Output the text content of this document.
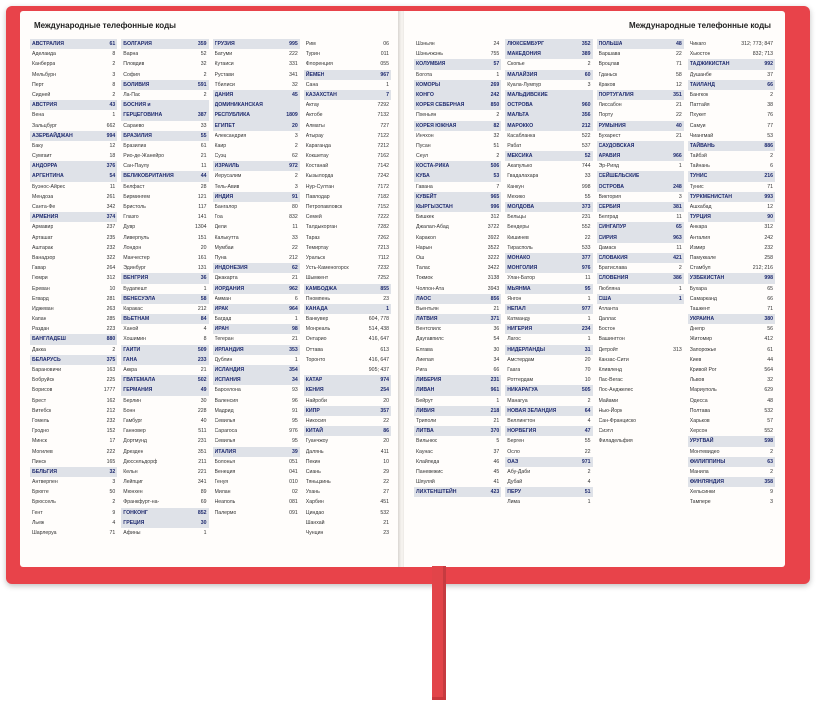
Международные телефонные коды
АВСТРАЛИЯ	61
Аделаида	8
Канберра	2
Мельбурн	3
Перт	8
Сидней	2
АВСТРИЯ	43
Вена	1
Зальцбург	662
АЗЕРБАЙДЖАН	994
Баку	12
Сумгаит	18
АНДОРРА	376
АРГЕНТИНА	54
Буэнос-Айрес	11
Мендоза	261
Санта-Фе	342
АРМЕНИЯ	374
Армавир	237
Арташат	235
Аштарак	232
Ванадзор	322
Гавар	264
Гюмри	312
Ереван	10
Егвард	281
Иджеван	263
Капан	285
Раздан	223
БАНГЛАДЕШ	880
Дакка	2
БЕЛАРУСЬ	375
Барановичи	163
Бобруйск	225
Борисов	1777
Брест	162
Витебск	212
Гомель	232
Гродно	152
Минск	17
Могилев	222
Пинск	165
БЕЛЬГИЯ	32
Антверпен	3
Брюгге	50
Брюссель	2
Гент	9
Льеж	4
Шарлеруа	71
БОЛГАРИЯ	359
Варна	52
Пловдив	32
София	2
БОЛИВИЯ	591
Ла-Пас	2
БОСНИЯ и
ГЕРЦЕГОВИНА	387
Сараево	33
БРАЗИЛИЯ	55
Бразилиа	61
Рио-де-Жанейро	21
Сан-Паулу	11
ВЕЛИКОБРИТАНИЯ	44
Белфаст	28
Бирмингем	121
Бристоль	117
Глазго	141
Дувр	1304
Ливерпуль	151
Лондон	20
Манчестер	161
Эдинбург	131
ВЕНГРИЯ	36
Будапешт	1
ВЕНЕСУЭЛА	58
Каракас	212
ВЬЕТНАМ	84
Ханой	4
Хошимин	8
ГАИТИ	509
ГАНА	233
Аккра	21
ГВАТЕМАЛА	502
ГЕРМАНИЯ	49
Берлин	30
Бонн	228
Гамбург	40
Ганновер	511
Дортмунд	231
Дрезден	351
Дюссельдорф	211
Кельн	221
Лейпциг	341
Мюнхен	89
Франкфурт-на-	69
ГОНКОНГ	852
ГРЕЦИЯ	30
Афины	1
ГРУЗИЯ	995
Батуми	222
Кутаиси	331
Рустави	341
Тбилиси	32
ДАНИЯ	45
ДОМИНИКАНСКАЯ
РЕСПУБЛИКА	1809
ЕГИПЕТ	20
Александрия	3
Каир	2
Суэц	62
ИЗРАИЛЬ	972
Иерусалим	2
Тель-Авив	3
ИНДИЯ	91
Бангалор	80
Гоа	832
Дели	11
Калькутта	33
Мумбаи	22
Пуна	212
ИНДОНЕЗИЯ	62
Джакарта	21
ИОРДАНИЯ	962
Амман	6
ИРАК	964
Багдад	1
ИРАН	98
Тегеран	21
ИРЛАНДИЯ	353
Дублин	1
ИСЛАНДИЯ	354
ИСПАНИЯ	34
Барселона	93
Валенсия	96
Мадрид	91
Севилья	95
Сарагоса	976
Севилья	95
ИТАЛИЯ	39
Болонья	051
Венеция	041
Генуя	010
Милан	02
Неаполь	081
Палермо	091
Рим	06
Турин	011
Флоренция	055
ЙЕМЕН	967
Сана	1
КАЗАХСТАН	7
Актау	7292
Актобе	7132
Алматы	727
Атырау	7122
Караганда	7212
Кокшетау	7162
Костанай	7142
Кызылорда	7242
Нур-Султан	7172
Павлодар	7182
Петропавловск	7152
Семей	7222
Талдыкорган	7282
Тараз	7262
Темиртау	7213
Уральск	7112
Усть-Каменогорск	7232
Шымкент	7252
КАМБОДЖА	855
Пномпень	23
КАНАДА	1
Ванкувер	604, 778
Монреаль	514, 438
Онтарио	416, 647
Оттава	613
Торонто	416, 647
905; 437
КАТАР	974
КЕНИЯ	254
Найроби	20
КИПР	357
Никосия	22
КИТАЙ	86
Гуанчжоу	20
Далянь	411
Пекин	10
Сиань	29
Тяньцзинь	22
Ухань	27
Харбин	451
Циндао	532
Шанхай	21
Чунцин	23
Международные телефонные коды
Шэньян	24
Шэньчжэнь	755
КОЛУМБИЯ	57
Богота	1
КОМОРЫ	269
КОНГО	242
КОРЕЯ СЕВЕРНАЯ	850
Пхеньян	2
КОРЕЯ ЮЖНАЯ	82
Инчхон	32
Пусан	51
Сеул	2
КОСТА-РИКА	506
КУБА	53
Гавана	7
КУВЕЙТ	965
КЫРГЫЗСТАН	996
Бишкек	312
Джалал-Абад	3722
Каракол	3922
Нарын	3522
Ош	3222
Талас	3422
Токмок	3138
Чолпон-Ата	3943
ЛАОС	856
Вьентьян	21
ЛАТВИЯ	371
Вентспилс	36
Даугавпилс	54
Елгава	30
Лиепая	34
Рига	66
ЛИБЕРИЯ	231
ЛИВАН	961
Бейрут	1
ЛИВИЯ	218
Триполи	21
ЛИТВА	370
Вильнюс	5
Каунас	37
Клайпеда	46
Паневежис	45
Шяуляй	41
ЛИХТЕНШТЕЙН	423
ЛЮКСЕМБУРГ	352
МАКЕДОНИЯ	389
Скопье	2
МАЛАЙЗИЯ	60
Куала-Лумпур	3
МАЛЬДИВСКИЕ
ОСТРОВА	960
МАЛЬТА	356
МАРОККО	212
Касабланка	522
Рабат	537
МЕКСИКА	52
Акапулько	744
Гвадалахара	33
Канкун	998
Мехико	55
МОЛДОВА	373
Бельцы	231
Бендеры	552
Кишинев	22
Тирасполь	533
МОНАКО	377
МОНГОЛИЯ	976
Улан-Батор	11
МЬЯНМА	95
Янгон	1
НЕПАЛ	977
Катманду	1
НИГЕРИЯ	234
Лагос	1
НИДЕРЛАНДЫ	31
Амстердам	20
Гаага	70
Роттердам	10
НИКАРАГУА	505
Манагуа	2
НОВАЯ ЗЕЛАНДИЯ	64
Веллингтон	4
НОРВЕГИЯ	47
Берген	55
Осло	22
ОАЭ	971
Абу-Даби	2
Дубай	4
ПЕРУ	51
Лима	1
ПОЛЬША	48
Варшава	22
Вроцлав	71
Гданьск	58
Краков	12
ПОРТУГАЛИЯ	351
Лиссабон	21
Порту	22
РУМЫНИЯ	40
Бухарест	21
САУДОВСКАЯ
АРАВИЯ	966
Эр-Рияд	1
СЕЙШЕЛЬСКИЕ
ОСТРОВА	248
Виктория	3
СЕРБИЯ	381
Белград	11
СИНГАПУР	65
СИРИЯ	963
Дамаск	11
СЛОВАКИЯ	421
Братислава	2
СЛОВЕНИЯ	386
Любляна	1
США	1
Атланта
Даллас
Бостон
Вашингтон
Детройт	313
Канзас-Сити
Кливленд
Лас-Вегас
Лос-Анджелес
Майами
Нью-Йорк
Сан-Франциско
Сиэтл
Филадельфия
Чикаго	312; 773; 847
Хьюстон	832; 713
ТАДЖИКИСТАН	992
Душанбе	37
ТАИЛАНД	66
Бангкок	2
Паттайя	38
Пхукет	76
Самуи	77
Чиангмай	53
ТАЙВАНЬ	886
Тайбэй	2
Тайнань	6
ТУНИС	216
Тунис	71
ТУРКМЕНИСТАН	993
Ашхабад	12
ТУРЦИЯ	90
Анкара	312
Анталия	242
Измир	232
Памуккале	258
Стамбул	212; 216
УЗБЕКИСТАН	998
Бухара	65
Самарканд	66
Ташкент	71
УКРАИНА	380
Днепр	56
Житомир	412
Запорожье	61
Киев	44
Кривой Рог	564
Львов	32
Мариуполь	629
Одесса	48
Полтава	532
Харьков	57
Херсон	552
УРУГВАЙ	598
Монтевидео	2
ФИЛИППИНЫ	63
Манила	2
ФИНЛЯНДИЯ	358
Хельсинки	9
Тампере	3
